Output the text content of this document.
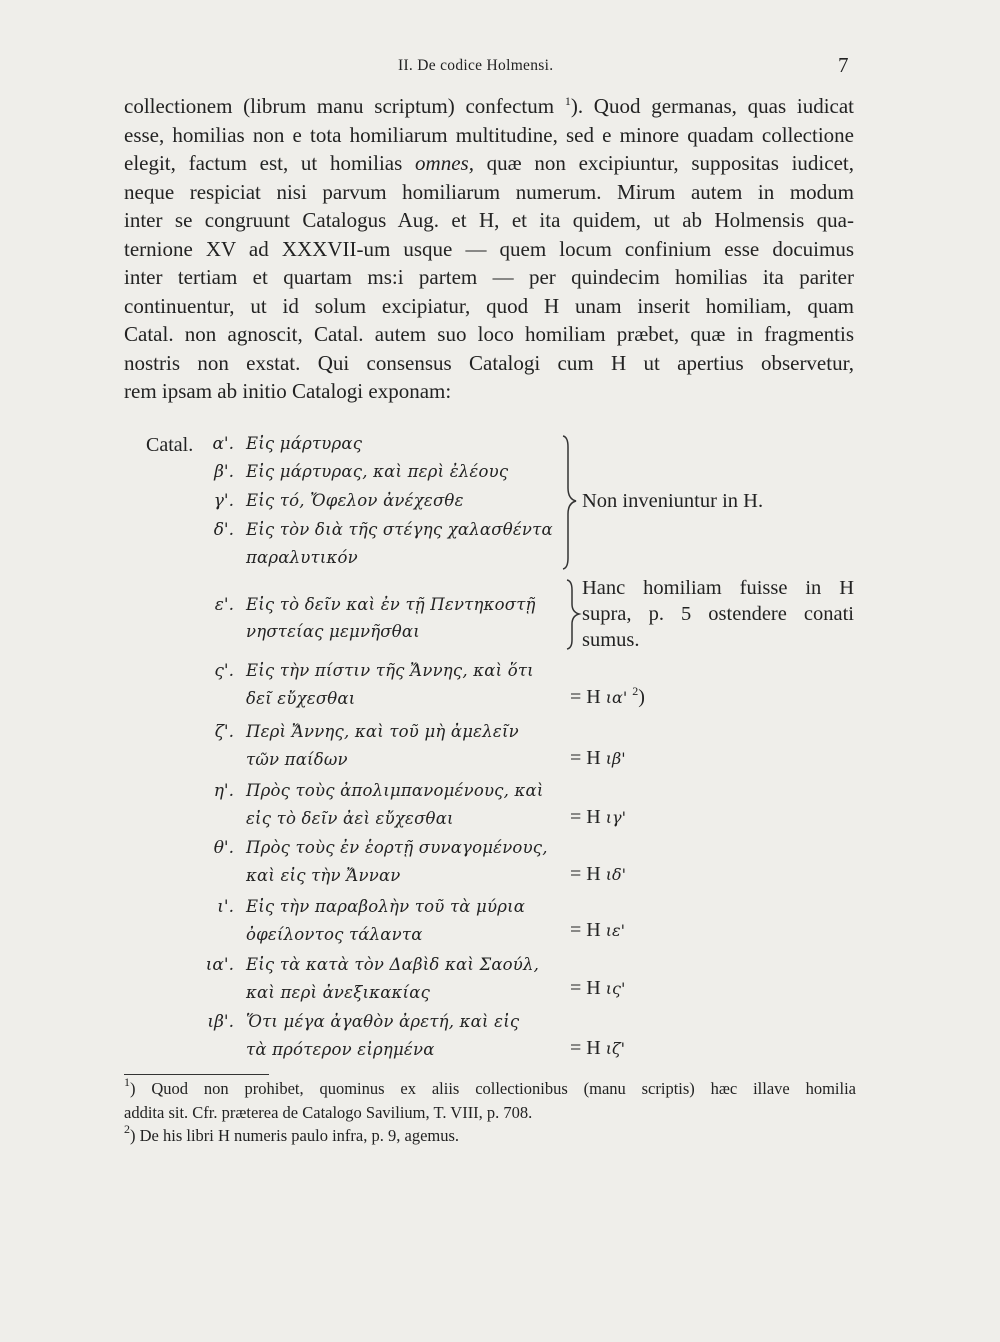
II. De codice Holmensi.	7
collectionem (librum manu scriptum) confectum $^1$). Quod germanas, quas iudicat
esse, homilias non e tota homiliarum multitudine, sed e minore quadam collectione
elegit, factum est, ut homilias omnes, quæ non excipiuntur, suppositas iudicet,
neque respiciat nisi parvum homiliarum numerum. Mirum autem in modum
inter se congruunt Catalogus Aug. et H, et ita quidem, ut ab Holmensis qua-
ternione XV ad XXXVII-um usque — quem locum confinium esse docuimus
inter tertiam et quartam ms:i partem — per quindecim homilias ita pariter
continuentur, ut id solum excipiatur, quod H unam inserit homiliam, quam
Catal. non agnoscit, Catal. autem suo loco homiliam præbet, quæ in fragmentis
nostris non exstat. Qui consensus Catalogi cum H ut apertius observetur,
rem ipsam ab initio Catalogi exponam:
Catal.	α'. Εἰς μάρτυρας
β'. Εἰς μάρτυρας, καὶ περὶ ἐλέους
γ'. Εἰς τό, Ὄφελον ἀνέχεσθε
δ'. Εἰς τὸν διὰ τῆς στέγης χαλασθέντα
παραλυτικόν
ε'. Εἰς τὸ δεῖν καὶ ἐν τῇ Πεντηκοστῇ
νηστείας μεμνῆσθαι
ς'. Εἰς τὴν πίστιν τῆς Ἄννης, καὶ ὅτι
δεῖ εὔχεσθαι	= H ια' $^2$)
ζ'. Περὶ Ἄννης, καὶ τοῦ μὴ ἀμελεῖν
τῶν παίδων	= H ιβ'
η'. Πρὸς τοὺς ἀπολιμπανομένους, καὶ
εἰς τὸ δεῖν ἀεὶ εὔχεσθαι	= H ιγ'
θ'. Πρὸς τοὺς ἐν ἑορτῇ συναγομένους,
καὶ εἰς τὴν Ἄνναν	= H ιδ'
ι'. Εἰς τὴν παραβολὴν τοῦ τὰ μύρια
ὀφείλοντος τάλαντα	= H ιε'
ια'. Εἰς τὰ κατὰ τὸν Δαβὶδ καὶ Σαούλ,
καὶ περὶ ἀνεξικακίας	= H ις'
ιβ'. Ὅτι μέγα ἀγαθὸν ἀρετή, καὶ εἰς
τὰ πρότερον εἰρημένα	= H ιζ'
Non inveniuntur in H.
Hanc homiliam fuisse in H
supra, p. 5 ostendere conati
sumus.
$^1$) Quod non prohibet, quominus ex aliis collectionibus (manu scriptis) hæc illave homilia
addita sit. Cfr. præterea de Catalogo Savilium, T. VIII, p. 708.
$^2$) De his libri H numeris paulo infra, p. 9, agemus.
